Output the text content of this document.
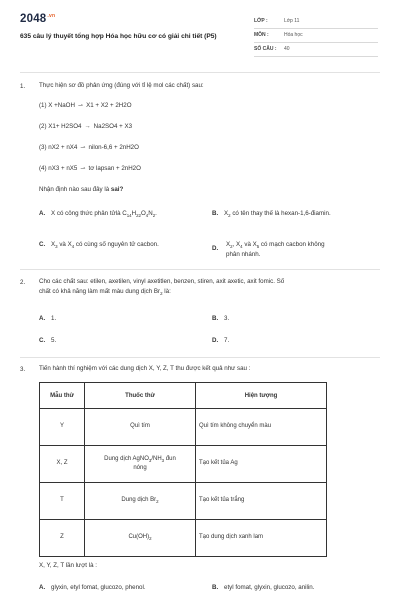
$2048^{.vn}$
635 câu lý thuyết tổng hợp Hóa học hữu cơ có giải chi tiết (P5)
LỚP :	Lớp 11
MÔN :	Hóa học
SỐ CÂU : 40
1. Thực hiện sơ đồ phản ứng (đúng với tỉ lệ mol các chất) sau:
(1) X +NaOH ⇀ X1 + X2 + 2H2O
(2) X1+ H2SO4 → Na2SO4 + X3
(3) nX2 + nX4 ⇀ nilon-6,6 + 2nH2O
(4) nX3 + nX5 ⇀ tơ lapsan + 2nH2O
Nhận định nào sau đây là sai?
A. X có công thức phân tửlà $C_{14}H_{22}O_4N_2$.	B. $X_2$ có tên thay thế là hexan-1,6-điamin.
C. $X_3$ và $X_4$ có cùng số nguyên tử cacbon.
D.
$X_2$, $X_4$ và $X_5$ có mạch cacbon không
phân nhánh.
2. Cho các chất sau: etilen, axetilen, vinyl axetitlen, benzen, stiren, axit axetic, axit fomic. Số
chất có khả năng làm mất màu dung dịch $Br_2$ là:
A. 1.	B. 3.
C. 5.	D. 7.
3. Tiến hành thí nghiệm với các dung dịch X, Y, Z, T thu được kết quả như sau :
Mẫu thử	Thuốc thử	Hiện tượng
Y	Quì tím	Quì tím không chuyển màu
X, Z	Dung dịch $AgNO_3/NH_3$ đun
nóng	Tạo kết tủa Ag
T	Dung dịch $Br_2$	Tạo kết tủa trắng
Z	$Cu(OH)_2$	Tạo dung dịch xanh lam
X, Y, Z, T lần lượt là :
A. glyxin, etyl fomat, glucozo, phenol.	B. etyl fomat, glyxin, glucozo, anilin.
